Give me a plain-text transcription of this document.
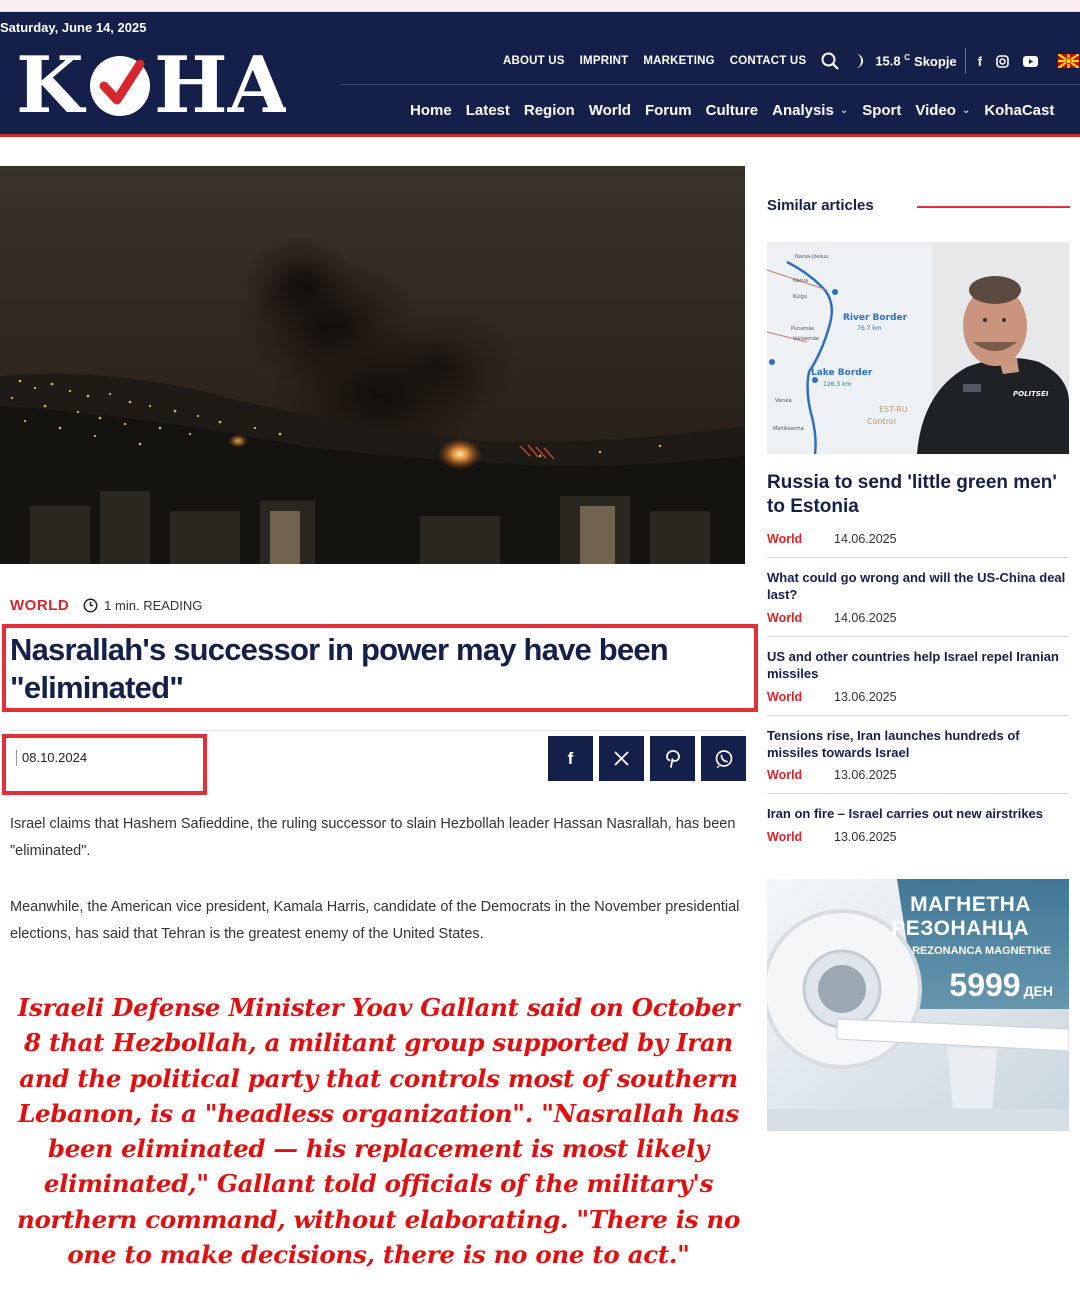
Saturday, June 14, 2025
K HA	ABOUT US IMPRINT MARKETING CONTACT US	15.8 $^C$ Skopje f
Home Latest Region World Forum Culture Analysis ⌄ Sport Video ⌄ KohaCast
WORLD	1 min. READING
Nasrallah's successor in power may have been "eliminated"
08.10.2024	f

Israel claims that Hashem Safieddine, the ruling successor to slain Hezbollah leader Hassan Nasrallah, has been "eliminated".

Meanwhile, the American vice president, Kamala Harris, candidate of the Democrats in the November presidential elections, has said that Tehran is the greatest enemy of the United States.

Israeli Defense Minister Yoav Gallant said on October 8 that Hezbollah, a militant group supported by Iran and the political party that controls most of southern Lebanon, is a "headless organization". "Nasrallah has been eliminated — his replacement is most likely eliminated," Gallant told officials of the military's northern command, without elaborating. "There is no one to make decisions, there is no one to act."
Similar articles
Narva-Jõesuu
Narva
Kulgu
Punamäe
Vaitsemäe
Värska
Mehikoorma
River Border
76.7 km
Lake Border
126.3 km
EST-RU
Control
POLITSEI
Russia to send 'little green men' to Estonia
World	14.06.2025
What could go wrong and will the US-China deal last?
World	14.06.2025
US and other countries help Israel repel Iranian missiles
World	13.06.2025
Tensions rise, Iran launches hundreds of missiles towards Israel
World	13.06.2025
Iran on fire – Israel carries out new airstrikes
World	13.06.2025
МАГНЕТНА
РЕЗОНАНЦА
REZONANCA MAGNETIKE
5999 ДЕН
